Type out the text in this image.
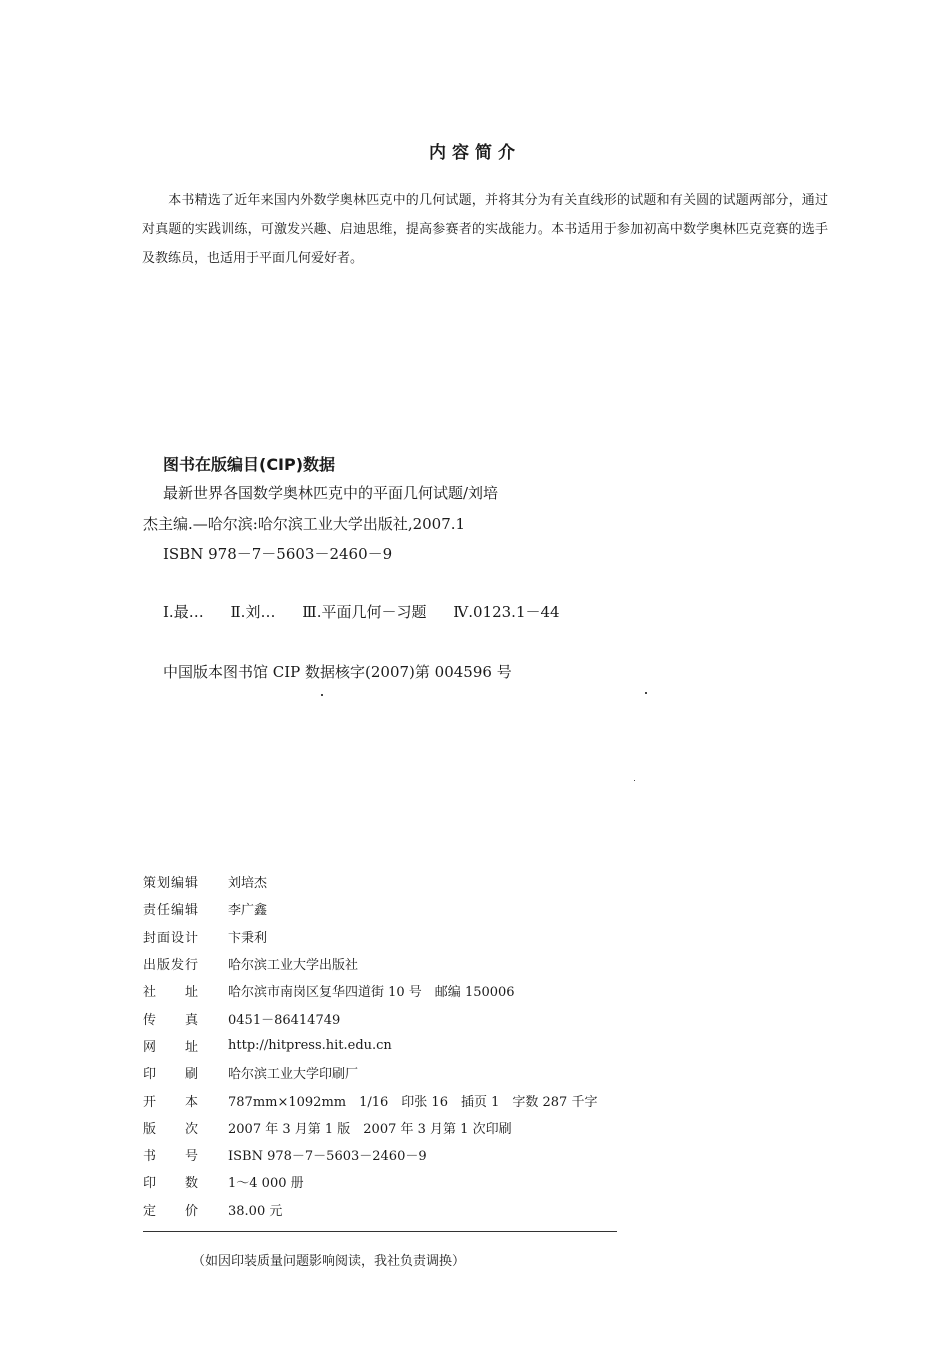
内容简介
本书精选了近年来国内外数学奥林匹克中的几何试题，并将其分为有关直线形的试题和有关圆的试题两部分，通过对真题的实践训练，可激发兴趣、启迪思维，提高参赛者的实战能力。本书适用于参加初高中数学奥林匹克竞赛的选手及教练员，也适用于平面几何爱好者。
图书在版编目(CIP)数据
最新世界各国数学奥林匹克中的平面几何试题/刘培
杰主编.—哈尔滨:哈尔滨工业大学出版社,2007.1
ISBN 978－7－5603－2460－9
Ⅰ.最… Ⅱ.刘… Ⅲ.平面几何－习题 Ⅳ.0123.1－44
中国版本图书馆 CIP 数据核字(2007)第 004596 号
策划编辑 刘培杰
责任编辑 李广鑫
封面设计 卞秉利
出版发行 哈尔滨工业大学出版社
社址 哈尔滨市南岗区复华四道街 10 号　邮编 150006
传真 0451－86414749
网址 http://hitpress.hit.edu.cn
印刷 哈尔滨工业大学印刷厂
开本 787mm×1092mm　1/16　印张 16　插页 1　字数 287 千字
版次 2007 年 3 月第 1 版　2007 年 3 月第 1 次印刷
书号 ISBN 978－7－5603－2460－9
印数 1～4 000 册
定价 38.00 元
（如因印装质量问题影响阅读，我社负责调换）
